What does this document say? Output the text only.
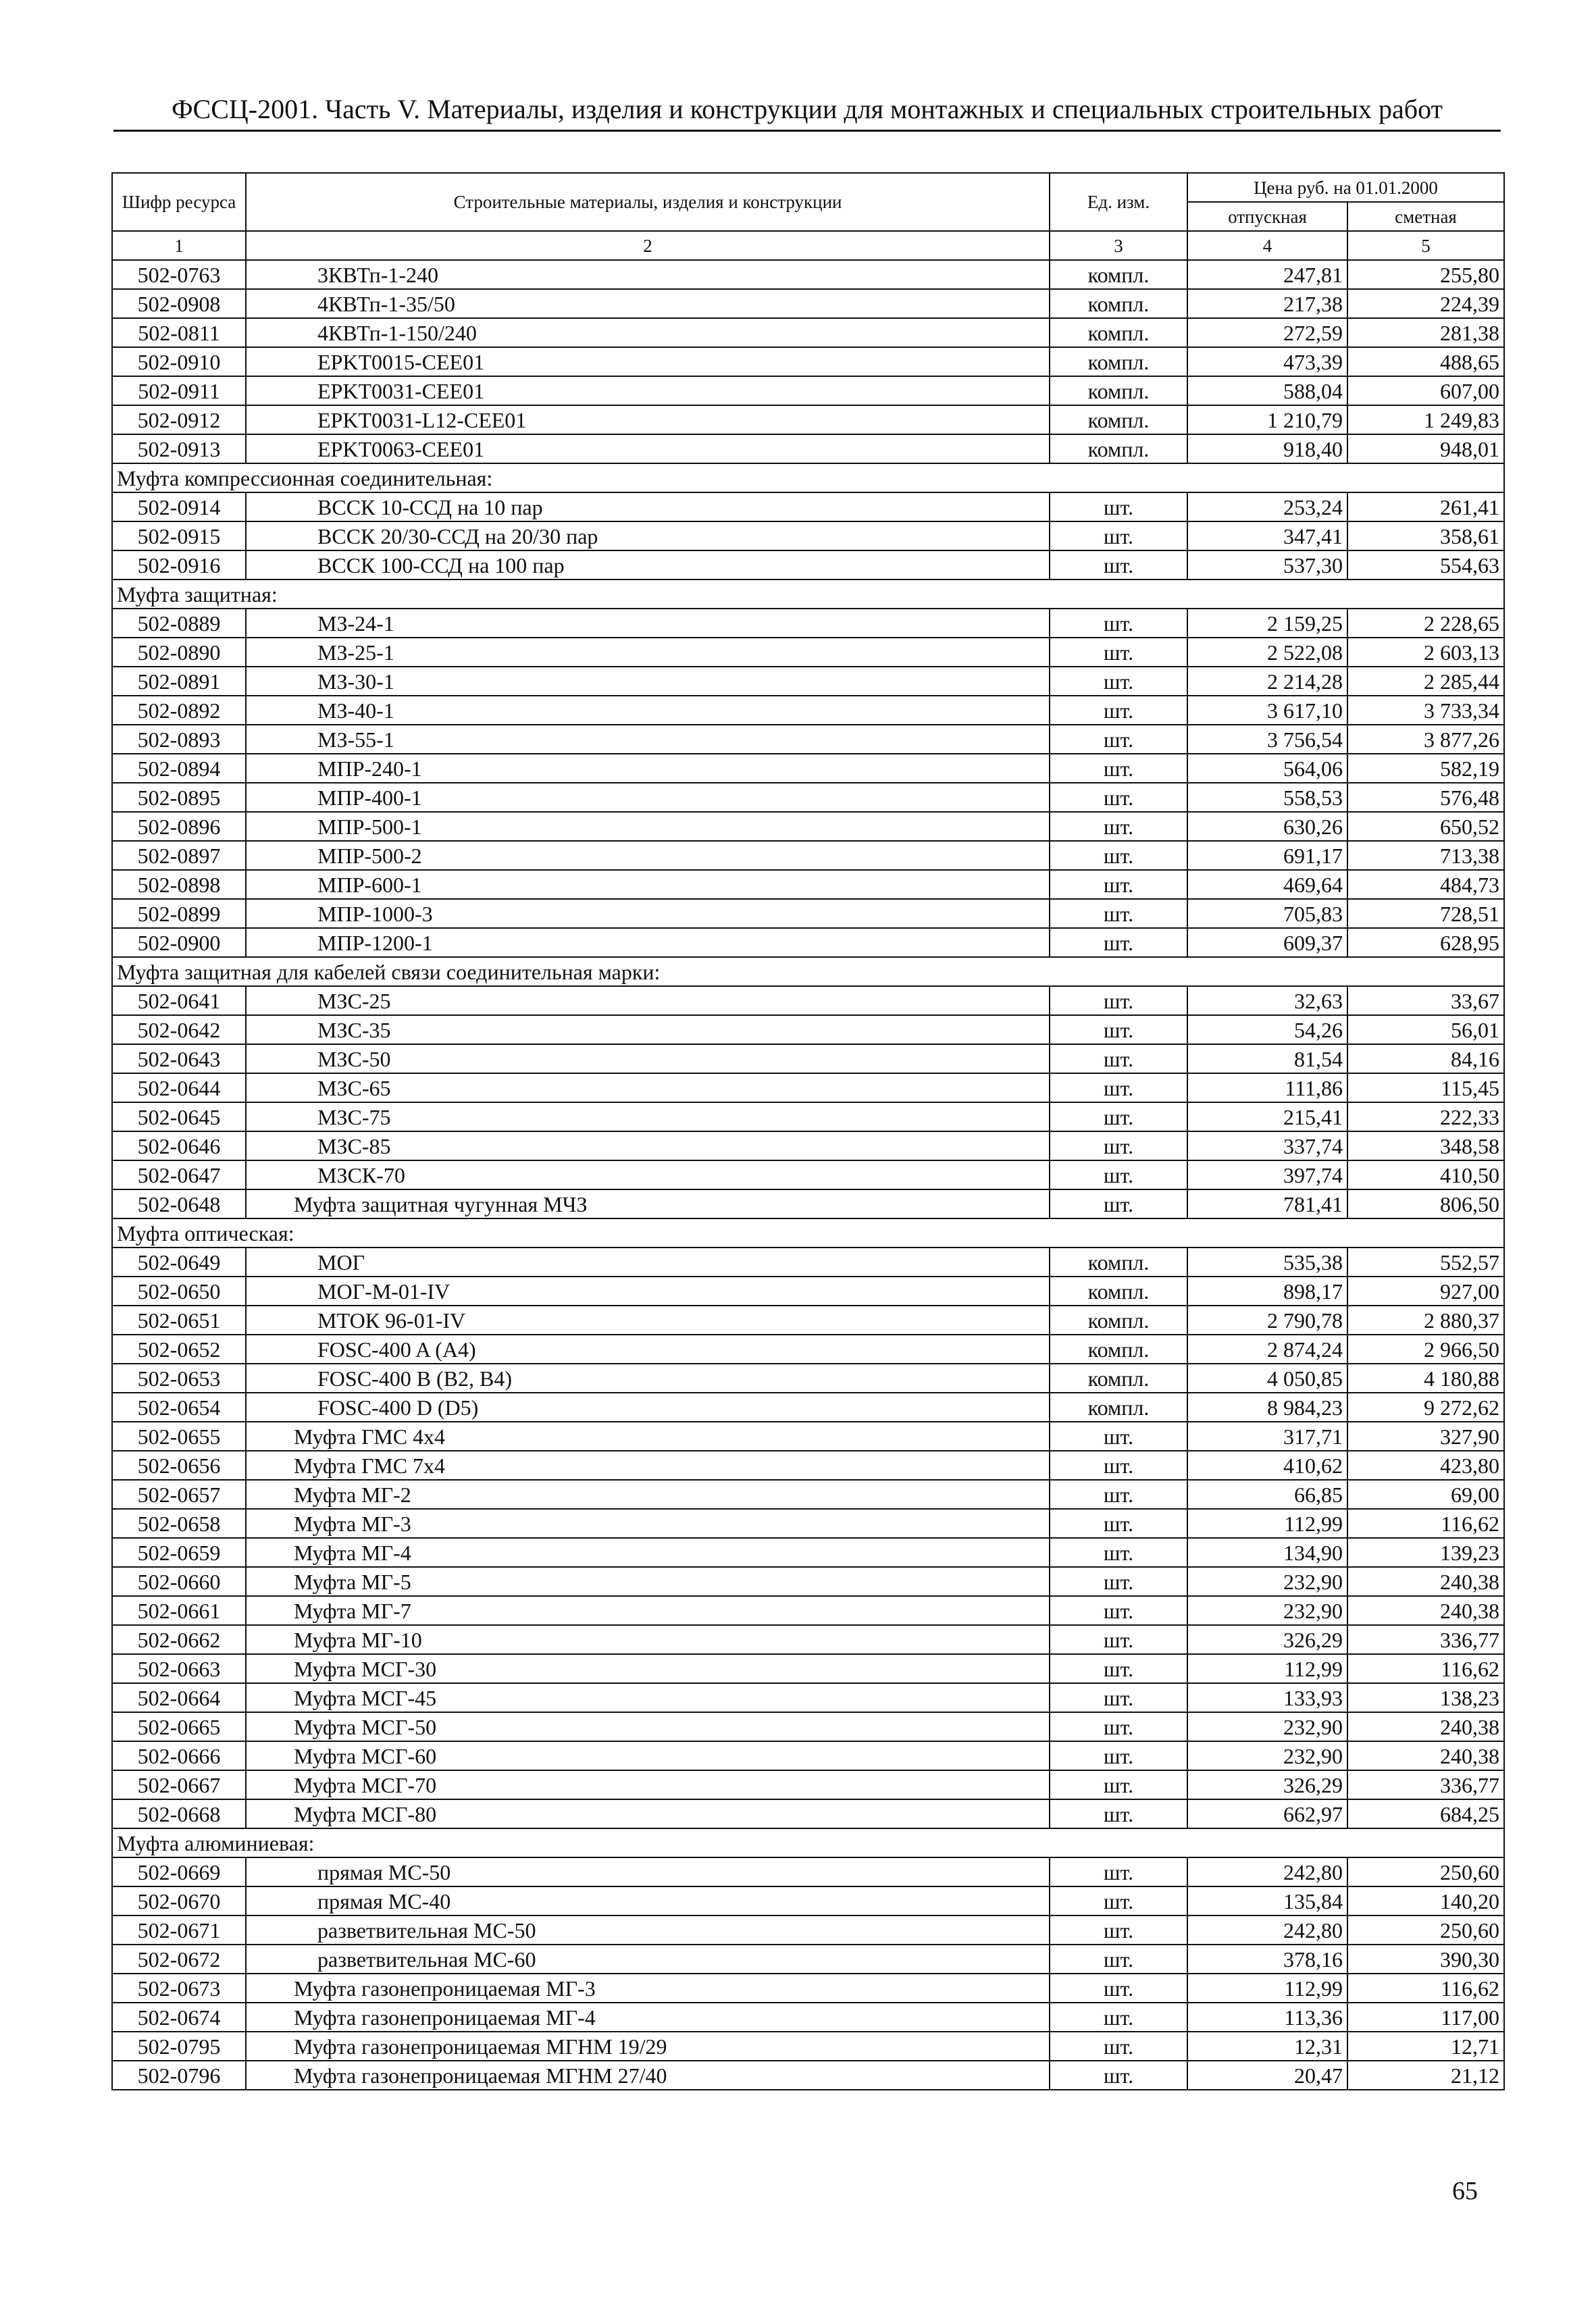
ФССЦ-2001. Часть V. Материалы, изделия и конструкции для монтажных и специальных строительных работ
Шифр ресурса	Строительные материалы, изделия и конструкции	Ед. изм.	Цена руб. на 01.01.2000	
			отпускная	сметная
1	2	3	4	5
502-0763	3КВТп-1-240	компл.	247,81	255,80
502-0908	4КВТп-1-35/50	компл.	217,38	224,39
502-0811	4КВТп-1-150/240	компл.	272,59	281,38
502-0910	EPKT0015-CEE01	компл.	473,39	488,65
502-0911	EPKT0031-CEE01	компл.	588,04	607,00
502-0912	EPKT0031-L12-CEE01	компл.	1 210,79	1 249,83
502-0913	EPKT0063-CEE01	компл.	918,40	948,01
Муфта компрессионная соединительная:				
502-0914	ВССК 10-ССД на 10 пар	шт.	253,24	261,41
502-0915	ВССК 20/30-ССД на 20/30 пар	шт.	347,41	358,61
502-0916	ВССК 100-ССД на 100 пар	шт.	537,30	554,63
Муфта защитная:				
502-0889	МЗ-24-1	шт.	2 159,25	2 228,65
502-0890	МЗ-25-1	шт.	2 522,08	2 603,13
502-0891	МЗ-30-1	шт.	2 214,28	2 285,44
502-0892	МЗ-40-1	шт.	3 617,10	3 733,34
502-0893	МЗ-55-1	шт.	3 756,54	3 877,26
502-0894	МПР-240-1	шт.	564,06	582,19
502-0895	МПР-400-1	шт.	558,53	576,48
502-0896	МПР-500-1	шт.	630,26	650,52
502-0897	МПР-500-2	шт.	691,17	713,38
502-0898	МПР-600-1	шт.	469,64	484,73
502-0899	МПР-1000-3	шт.	705,83	728,51
502-0900	МПР-1200-1	шт.	609,37	628,95
Муфта защитная для кабелей связи соединительная марки:				
502-0641	МЗС-25	шт.	32,63	33,67
502-0642	МЗС-35	шт.	54,26	56,01
502-0643	МЗС-50	шт.	81,54	84,16
502-0644	МЗС-65	шт.	111,86	115,45
502-0645	МЗС-75	шт.	215,41	222,33
502-0646	МЗС-85	шт.	337,74	348,58
502-0647	МЗСК-70	шт.	397,74	410,50
502-0648	Муфта защитная чугунная МЧЗ	шт.	781,41	806,50
Муфта оптическая:				
502-0649	МОГ	компл.	535,38	552,57
502-0650	МОГ-М-01-IV	компл.	898,17	927,00
502-0651	МТОК 96-01-IV	компл.	2 790,78	2 880,37
502-0652	FOSC-400 A (A4)	компл.	2 874,24	2 966,50
502-0653	FOSC-400 B (B2, B4)	компл.	4 050,85	4 180,88
502-0654	FOSC-400 D (D5)	компл.	8 984,23	9 272,62
502-0655	Муфта ГМС 4х4	шт.	317,71	327,90
502-0656	Муфта ГМС 7х4	шт.	410,62	423,80
502-0657	Муфта МГ-2	шт.	66,85	69,00
502-0658	Муфта МГ-3	шт.	112,99	116,62
502-0659	Муфта МГ-4	шт.	134,90	139,23
502-0660	Муфта МГ-5	шт.	232,90	240,38
502-0661	Муфта МГ-7	шт.	232,90	240,38
502-0662	Муфта МГ-10	шт.	326,29	336,77
502-0663	Муфта МСГ-30	шт.	112,99	116,62
502-0664	Муфта МСГ-45	шт.	133,93	138,23
502-0665	Муфта МСГ-50	шт.	232,90	240,38
502-0666	Муфта МСГ-60	шт.	232,90	240,38
502-0667	Муфта МСГ-70	шт.	326,29	336,77
502-0668	Муфта МСГ-80	шт.	662,97	684,25
Муфта алюминиевая:				
502-0669	прямая МС-50	шт.	242,80	250,60
502-0670	прямая МС-40	шт.	135,84	140,20
502-0671	разветвительная МС-50	шт.	242,80	250,60
502-0672	разветвительная МС-60	шт.	378,16	390,30
502-0673	Муфта газонепроницаемая МГ-3	шт.	112,99	116,62
502-0674	Муфта газонепроницаемая МГ-4	шт.	113,36	117,00
502-0795	Муфта газонепроницаемая МГНМ 19/29	шт.	12,31	12,71
502-0796	Муфта газонепроницаемая МГНМ 27/40	шт.	20,47	21,12
65
